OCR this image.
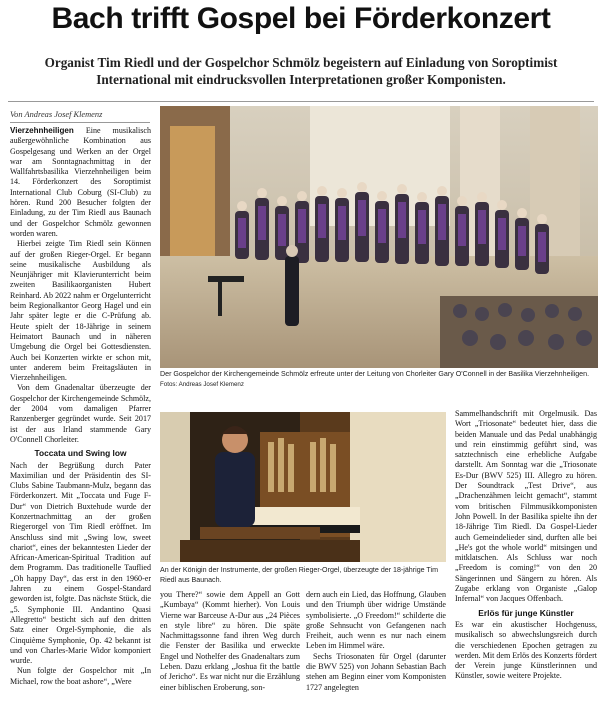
Bach trifft Gospel bei Förderkonzert
Organist Tim Riedl und der Gospelchor Schmölz begeistern auf Einladung von Soroptimist International mit eindrucksvollen Interpretationen großer Komponisten.
Von Andreas Josef Klemenz

Vierzehnheiligen Eine musikalisch außergewöhnliche Kombination aus Gospelgesang und Werken an der Orgel war am Sonntagnachmittag in der Wallfahrtsbasilika Vierzehnheiligen beim 14. Förderkonzert des Soroptimist International Club Coburg (SI-Club) zu hören. Rund 200 Besucher folgten der Einladung, zu der Tim Riedl aus Baunach und der Gospelchor Schmölz gewonnen worden waren.

Hierbei zeigte Tim Riedl sein Können auf der großen Rieger-Orgel. Er begann seine musikalische Ausbildung als Neunjähriger mit Klavierunterricht beim zweiten Basilikaorganisten Hubert Reinhard. Ab 2022 nahm er Orgelunterricht beim Regionalkantor Georg Hagel und ein Jahr später legte er die C-Prüfung ab. Heute spielt der 18-Jährige in seinem Heimatort Baunach und in näheren Umgebung die Orgel bei Gottesdiensten. Auch bei Konzerten wirkte er schon mit, unter anderem beim Freitagsläuten in Vierzehnheiligen.

Von dem Gnadenaltar überzeugte der Gospelchor der Kirchengemeinde Schmölz, der 2004 vom damaligen Pfarrer Ranzenberger gegründet wurde. Seit 2017 ist der aus Irland stammende Gary O'Connell Chorleiter.

Toccata und Swing low

Nach der Begrüßung durch Pater Maximilian und der Präsidentin des SI-Clubs Sabine Taubmann-Mulz, begann das Förderkonzert. Mit „Toccata und Fuge F-Dur“ von Dietrich Buxtehude wurde der Konzertnachmittag an der großen Riegerorgel von Tim Riedl eröffnet. Im Anschluss sind mit „Swing low, sweet chariot“, eines der bekanntesten Lieder der African-American-Spiritual Tradition auf dem Programm. Das traditionelle Tauflied „Oh happy Day“, das erst in den 1960-er Jahren zu einem Gospel-Standard geworden ist, folgte. Das nächste Stück, die „5. Symphonie III. Andantino Quasi Allegretto“ besticht sich auf den dritten Satz einer Orgel-Symphonie, die als Cinquième Symphonie, Op. 42 bekannt ist und von Charles-Marie Widor komponiert wurde.

Nun folgte der Gospelchor mit „In Michael, row the boat ashore“, „Were

Der Gospelchor der Kirchengemeinde Schmölz erfreute unter der Leitung von Chorleiter Gary O'Connell in der Basilika Vierzehnheiligen. Fotos: Andreas Josef Klemenz
An der Königin der Instrumente, der großen Rieger-Orgel, überzeugte der 18-jährige Tim Riedl aus Baunach.

you There?“ sowie dem Appell an Gott „Kumbaya“ (Kommt hierher). Von Louis Vierne war Barceuse A-Dur aus „24 Pièces en style libre“ zu hören. Die späte Nachmittagssonne fand ihren Weg durch die Fenster der Basilika und erweckte Engel und Nothelfer des Gnadenaltars zum Leben. Dazu erklang „Joshua fit the battle of Jericho“. Es war nicht nur die Erzählung einer biblischen Eroberung, son-

dern auch ein Lied, das Hoffnung, Glauben und den Triumph über widrige Umstände symbolisierte. „O Freedom!“ schilderte die große Sehnsucht von Gefangenen nach Freiheit, auch wenn es nur nach einem Leben im Himmel wäre.

Sechs Triosonaten für Orgel (darunter die BWV 525) von Johann Sebastian Bach stehen am Beginn einer vom Komponisten 1727 angelegten

Sammelhandschrift mit Orgelmusik. Das Wort „Triosonate“ bedeutet hier, dass die beiden Manuale und das Pedal unabhängig und rein einstimmig geführt sind, was satztechnisch eine erhebliche Aufgabe darstellt. Am Sonntag war die „Triosonate Es-Dur (BWV 525) III. Allegro zu hören. Der Soundtrack „Test Drive“, aus „Drachenzähmen leicht gemacht“, stammt vom britischen Filmmusikkomponisten John Powell. In der Basilika spielte ihn der 18-Jährige Tim Riedl. Da Gospel-Lieder auch Gemeindelieder sind, durften alle bei „He's got the whole world“ mitsingen und mitklatschen. Als Schluss war noch „Freedom is coming!“ von den 20 Sängerinnen und Sängern zu hören. Als Zugabe erklang von Organiste „Galop Infernal“ von Jacques Offenbach.

Erlös für junge Künstler

Es war ein akustischer Hochgenuss, musikalisch so abwechslungsreich durch die verschiedenen Epochen getragen zu werden. Mit dem Erlös des Konzerts fördert der Verein junge Künstlerinnen und Künstler, sowie weitere Projekte.
